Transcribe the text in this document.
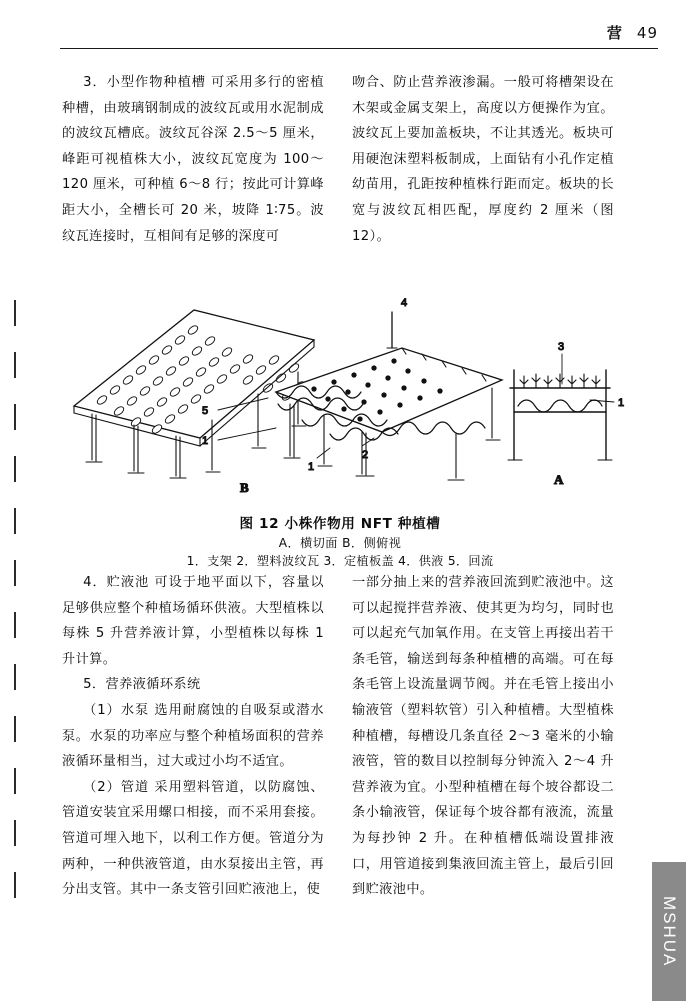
营 49

3．小型作物种植槽 可采用多行的密植种槽，由玻璃钢制成的波纹瓦或用水泥制成的波纹瓦槽底。波纹瓦谷深 2.5～5 厘米，峰距可视植株大小，波纹瓦宽度为 100～120 厘米，可种植 6～8 行；按此可计算峰距大小，全槽长可 20 米，坡降 1∶75。波纹瓦连接时，互相间有足够的深度可

吻合、防止营养液渗漏。一般可将槽架设在木架或金属支架上，高度以方便操作为宜。波纹瓦上要加盖板块，不让其透光。板块可用硬泡沫塑料板制成，上面钻有小孔作定植幼苗用，孔距按种植株行距而定。板块的长宽与波纹瓦相匹配，厚度约 2 厘米（图12）。

4
5
1
1
2
B
3
1
A
图 12 小株作物用 NFT 种植槽
A．横切面 B．侧俯视
1．支架 2．塑料波纹瓦 3．定植板盖 4．供液 5．回流

4．贮液池 可设于地平面以下，容量以足够供应整个种植场循环供液。大型植株以每株 5 升营养液计算，小型植株以每株 1 升计算。

5．营养液循环系统

（1）水泵 选用耐腐蚀的自吸泵或潜水泵。水泵的功率应与整个种植场面积的营养液循环量相当，过大或过小均不适宜。

（2）管道 采用塑料管道，以防腐蚀、管道安装宜采用螺口相接，而不采用套接。管道可埋入地下，以利工作方便。管道分为两种，一种供液管道，由水泵接出主管，再分出支管。其中一条支管引回贮液池上，使

一部分抽上来的营养液回流到贮液池中。这可以起搅拌营养液、使其更为均匀，同时也可以起充气加氧作用。在支管上再接出若干条毛管，输送到每条种植槽的高端。可在每条毛管上设流量调节阀。并在毛管上接出小输液管（塑料软管）引入种植槽。大型植株种植槽，每槽设几条直径 2～3 毫米的小输液管，管的数目以控制每分钟流入 2～4 升营养液为宜。小型种植槽在每个坡谷都设二条小输液管，保证每个坡谷都有液流，流量为每抄钟 2 升。在种植槽低端设置排液口，用管道接到集液回流主管上，最后引回到贮液池中。

MSHUA
